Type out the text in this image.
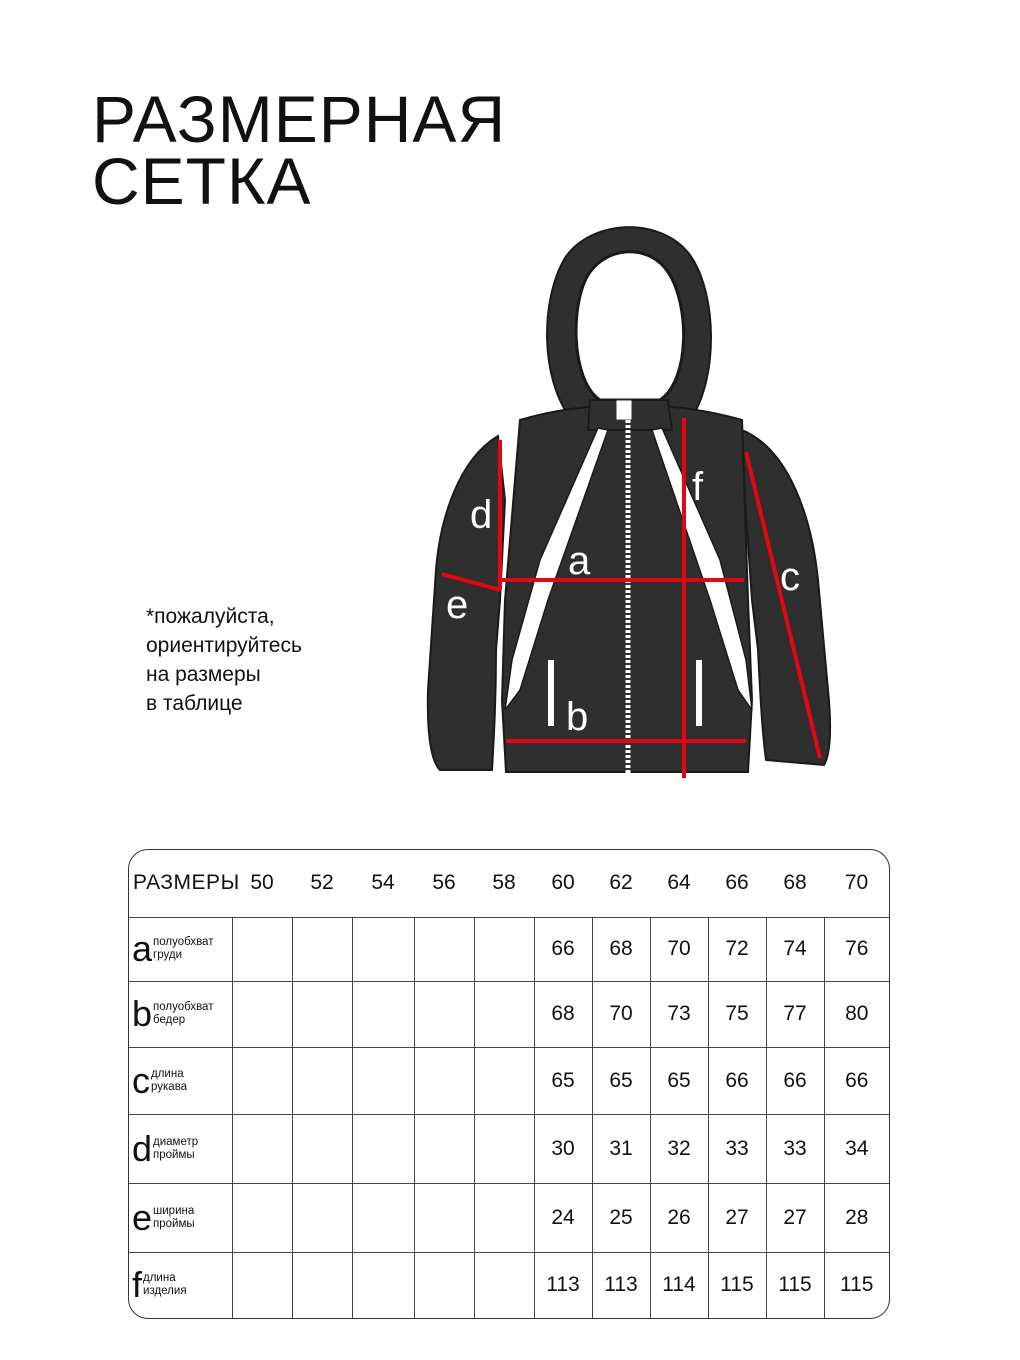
РАЗМЕРНАЯ
СЕТКА
*пожалуйста,
ориентируйтесь
на размеры
в таблице
d
e
a
f
c
b
РАЗМЕРЫ	50	52	54	56	58	60	62	64	66	68	70
a полуобхват
груди						66	68	70	72	74	76
b полуобхват
бедер						68	70	73	75	77	80
c длина
рукава						65	65	65	66	66	66
d диаметр
проймы						30	31	32	33	33	34
e ширина
проймы						24	25	26	27	27	28
f длина
изделия						113	113	114	115	115	115
